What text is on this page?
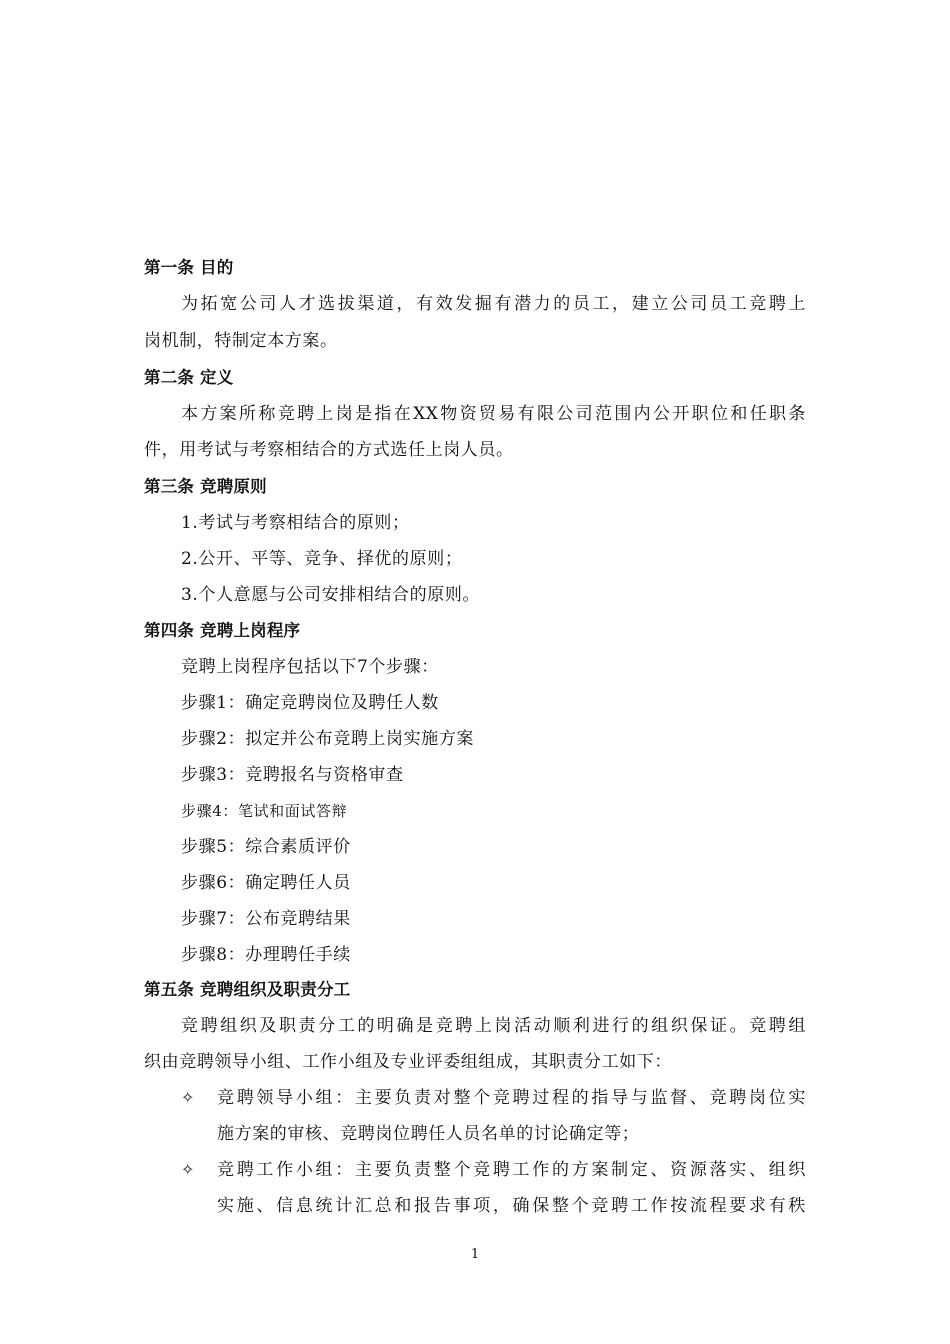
第一条 目的
为拓宽公司人才选拔渠道，有效发掘有潜力的员工，建立公司员工竞聘上
岗机制，特制定本方案。
第二条 定义
本方案所称竞聘上岗是指在XX物资贸易有限公司范围内公开职位和任职条
件，用考试与考察相结合的方式选任上岗人员。
第三条 竞聘原则
1.考试与考察相结合的原则；
2.公开、平等、竞争、择优的原则；
3.个人意愿与公司安排相结合的原则。
第四条 竞聘上岗程序
竞聘上岗程序包括以下7个步骤：
步骤1：确定竞聘岗位及聘任人数
步骤2：拟定并公布竞聘上岗实施方案
步骤3：竞聘报名与资格审查
步骤4：笔试和面试答辩
步骤5：综合素质评价
步骤6：确定聘任人员
步骤7：公布竞聘结果
步骤8：办理聘任手续
第五条 竞聘组织及职责分工
竞聘组织及职责分工的明确是竞聘上岗活动顺利进行的组织保证。竞聘组
织由竞聘领导小组、工作小组及专业评委组组成，其职责分工如下：
✧ 竞聘领导小组：主要负责对整个竞聘过程的指导与监督、竞聘岗位实
施方案的审核、竞聘岗位聘任人员名单的讨论确定等；
✧ 竞聘工作小组：主要负责整个竞聘工作的方案制定、资源落实、组织
实施、信息统计汇总和报告事项，确保整个竞聘工作按流程要求有秩
1
